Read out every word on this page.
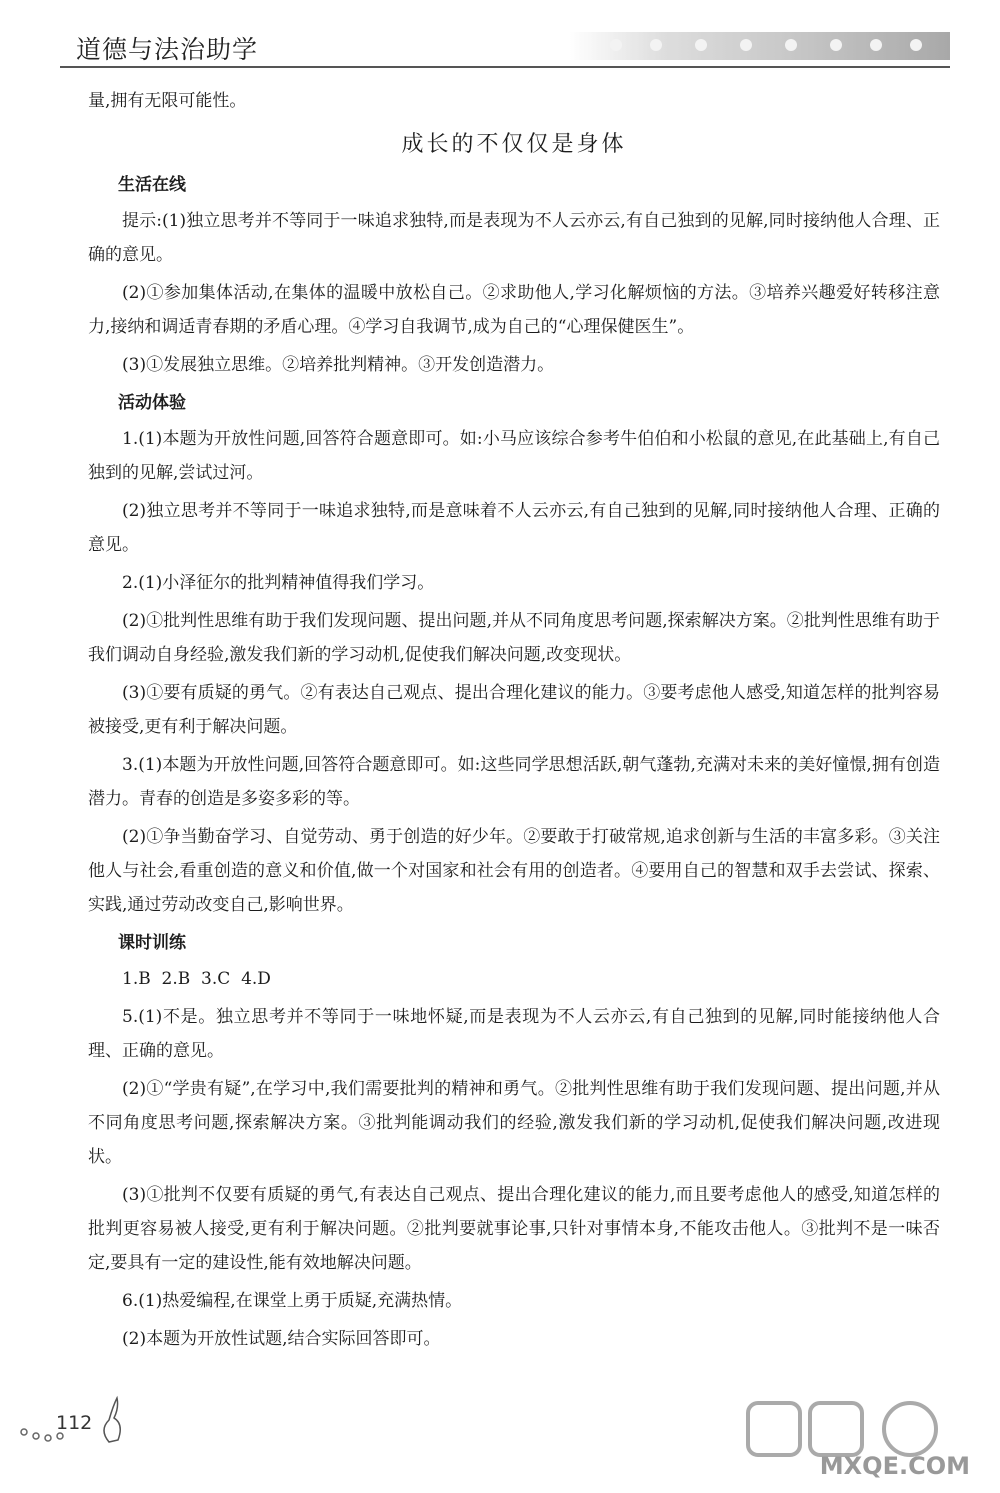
道德与法治助学

量,拥有无限可能性。

成长的不仅仅是身体
生活在线

提示:(1)独立思考并不等同于一味追求独特,而是表现为不人云亦云,有自己独到的见解,同时接纳他人合理、正确的意见。

(2)①参加集体活动,在集体的温暖中放松自己。②求助他人,学习化解烦恼的方法。③培养兴趣爱好转移注意力,接纳和调适青春期的矛盾心理。④学习自我调节,成为自己的“心理保健医生”。

(3)①发展独立思维。②培养批判精神。③开发创造潜力。

活动体验

1.(1)本题为开放性问题,回答符合题意即可。如:小马应该综合参考牛伯伯和小松鼠的意见,在此基础上,有自己独到的见解,尝试过河。

(2)独立思考并不等同于一味追求独特,而是意味着不人云亦云,有自己独到的见解,同时接纳他人合理、正确的意见。

2.(1)小泽征尔的批判精神值得我们学习。

(2)①批判性思维有助于我们发现问题、提出问题,并从不同角度思考问题,探索解决方案。②批判性思维有助于我们调动自身经验,激发我们新的学习动机,促使我们解决问题,改变现状。

(3)①要有质疑的勇气。②有表达自己观点、提出合理化建议的能力。③要考虑他人感受,知道怎样的批判容易被接受,更有利于解决问题。

3.(1)本题为开放性问题,回答符合题意即可。如:这些同学思想活跃,朝气蓬勃,充满对未来的美好憧憬,拥有创造潜力。青春的创造是多姿多彩的等。

(2)①争当勤奋学习、自觉劳动、勇于创造的好少年。②要敢于打破常规,追求创新与生活的丰富多彩。③关注他人与社会,看重创造的意义和价值,做一个对国家和社会有用的创造者。④要用自己的智慧和双手去尝试、探索、实践,通过劳动改变自己,影响世界。

课时训练

1.B  2.B  3.C  4.D

5.(1)不是。独立思考并不等同于一味地怀疑,而是表现为不人云亦云,有自己独到的见解,同时能接纳他人合理、正确的意见。

(2)①“学贵有疑”,在学习中,我们需要批判的精神和勇气。②批判性思维有助于我们发现问题、提出问题,并从不同角度思考问题,探索解决方案。③批判能调动我们的经验,激发我们新的学习动机,促使我们解决问题,改进现状。

(3)①批判不仅要有质疑的勇气,有表达自己观点、提出合理化建议的能力,而且要考虑他人的感受,知道怎样的批判更容易被人接受,更有利于解决问题。②批判要就事论事,只针对事情本身,不能攻击他人。③批判不是一味否定,要具有一定的建设性,能有效地解决问题。

6.(1)热爱编程,在课堂上勇于质疑,充满热情。

(2)本题为开放性试题,结合实际回答即可。

112
MXQE.COM
